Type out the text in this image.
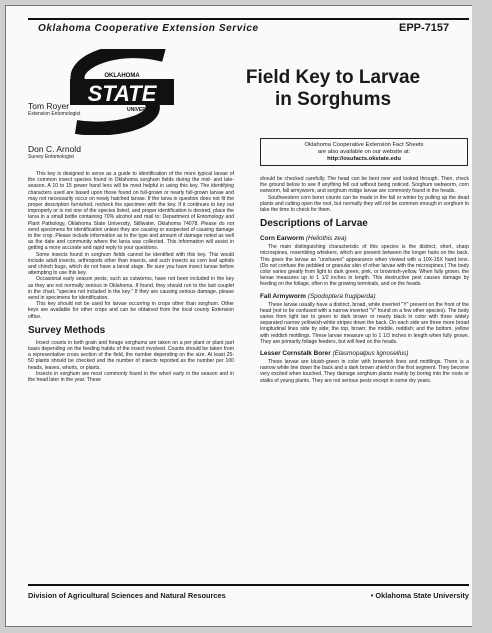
Oklahoma Cooperative Extension Service	EPP-7157
OKLAHOMA
STATE
UNIVERSITY
Field Key to Larvae
in Sorghums
Tom Royer
Extension Entomologist
Don C. Arnold
Survey Entomologist
Oklahoma Cooperative Extension Fact Sheets
are also available on our website at:
http://osufacts.okstate.edu

This key is designed to serve as a guide to identification of the more typical larvae of the common insect species found in Oklahoma sorghum fields during the mid- and late-season. A 10 to 15 power hand lens will be most helpful in using this key. The identifying characters used are based upon those found on full-grown or nearly full-grown larvae and may not necessarily occur on newly hatched larvae. If the larva in question does not fit the proper description furnished, recheck the specimen with the key. If it continues to key out improperly or is not one of the species listed, and proper identification is desired, place the larva in a small bottle containing 70% alcohol and mail to: Department of Entomology and Plant Pathology, Oklahoma State University, Stillwater, Oklahoma 74078. Please do not send specimens for identification unless they are causing or suspected of causing damage to the crop. Please include information as to the type and amount of damage noted as well as the date and community where the larva was collected. This information will assist in getting a more accurate and rapid reply to your questions.

Some insects found in sorghum fields cannot be identified with this key. This would include adult insects, arthropods other than insects, and such insects as corn leaf aphids and chinch bugs, which do not have a larval stage. Be sure you have insect larvae before attempting to use this key.

Occasional early season pests, such as cutworms, have not been included in the key as they are not normally serious in Oklahoma. If found, they should run to the last couplet in the chart, "species not included in the key." If they are causing serious damage, please send in specimens for identification.

This key should not be used for larvae occurring in crops other than sorghum. Other keys are available for other crops and can be obtained from the local county Extension office.

Survey Methods

Insect counts in both grain and forage sorghums are taken on a per plant or plant part basis depending on the feeding habits of the insect involved. Counts should be taken from a representative cross section of the field, the number depending on the size. At least 25-50 plants should be checked and the number of insects reported as the number per 100 heads, leaves, whorls, or plants.

Insects in sorghum are most commonly found in the whorl early in the season and in the head later in the year. These

should be checked carefully. The head can be bent over and looked through. Then, check the ground below to see if anything fell out without being noticed. Sorghum webworm, corn earworm, fall armyworm, and sorghum midge larvae are commonly found in the heads.

Southwestern corn borer counts can be made in the fall or winter by pulling up the dead plants and cutting open the root, but normally they will not be common enough in sorghum to take the time to check for them.

Descriptions of Larvae
Corn Earworm (Heliothis zea)

The main distinguishing characteristic of this species is the distinct, short, sharp microspines, resembling whiskers, which are present between the longer hairs on the back. This gives the larvae an "unshaven" appearance when viewed with a 10X-15X hand lens. (Do not confuse the pebbled or granular skin of other larvae with the microspines.) The body color varies greatly from light to dark green, pink, or brownish-yellow. When fully grown, the larvae measures up to 1 1/2 inches in length. This destructive pest causes damage by feeding on the foliage, often in the growing terminals, and on the heads.

Fall Armyworm (Spodoptera frugiperda)

These larvae usually have a distinct, broad, white inverted "Y" present on the front of the head (not to be confused with a narrow inverted "V" found on a few other species). The body varies from light tan to green to dark brown or nearly black in color with three widely separated narrow yellowish-white stripes down the back. On each side are three more broad longitudinal lines side by side; the top, brown; the middle, reddish; and the bottom, yellow with reddish mottlings. These larvae measure up to 1 1/3 inches in length when fully grown. They are primarily foliage feeders, but will feed on the heads.

Lesser Cornstalk Borer (Elasmopalpus lignosellus)

These larvae are bluish-green in color with brownish lines and mottlings. There is a narrow white line down the back and a dark brown shield on the first segment. They become very excited when touched. They damage sorghum plants mainly by boring into the roots or stalks of young plants. They are not serious pests except in some dry years.

Division of Agricultural Sciences and Natural Resources	• Oklahoma State University
